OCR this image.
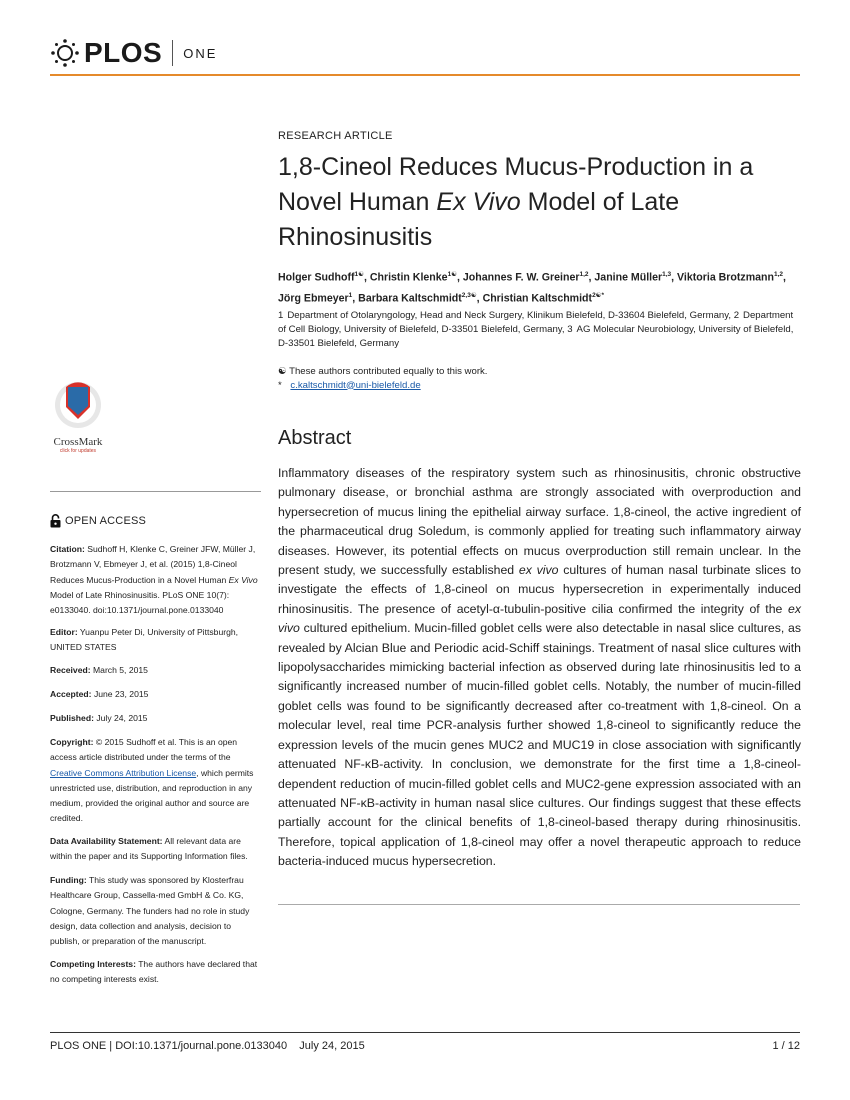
PLOS ONE
CrossMark
click for updates
OPEN ACCESS
Citation: Sudhoff H, Klenke C, Greiner JFW, Müller J, Brotzmann V, Ebmeyer J, et al. (2015) 1,8-Cineol Reduces Mucus-Production in a Novel Human Ex Vivo Model of Late Rhinosinusitis. PLoS ONE 10(7): e0133040. doi:10.1371/journal.pone.0133040
Editor: Yuanpu Peter Di, University of Pittsburgh, UNITED STATES
Received: March 5, 2015
Accepted: June 23, 2015
Published: July 24, 2015
Copyright: © 2015 Sudhoff et al. This is an open access article distributed under the terms of the Creative Commons Attribution License, which permits unrestricted use, distribution, and reproduction in any medium, provided the original author and source are credited.
Data Availability Statement: All relevant data are within the paper and its Supporting Information files.
Funding: This study was sponsored by Klosterfrau Healthcare Group, Cassella-med GmbH & Co. KG, Cologne, Germany. The funders had no role in study design, data collection and analysis, decision to publish, or preparation of the manuscript.
Competing Interests: The authors have declared that no competing interests exist.
RESEARCH ARTICLE
1,8-Cineol Reduces Mucus-Production in a Novel Human Ex Vivo Model of Late Rhinosinusitis
Holger Sudhoff$^{1☯}$, Christin Klenke$^{1☯}$, Johannes F. W. Greiner$^{1,2}$, Janine Müller$^{1,3}$, Viktoria Brotzmann$^{1,2}$, Jörg Ebmeyer$^1$, Barbara Kaltschmidt$^{2,3☯}$, Christian Kaltschmidt$^{2☯*}$
1 Department of Otolaryngology, Head and Neck Surgery, Klinikum Bielefeld, D-33604 Bielefeld, Germany, 2 Department of Cell Biology, University of Bielefeld, D-33501 Bielefeld, Germany, 3 AG Molecular Neurobiology, University of Bielefeld, D-33501 Bielefeld, Germany
☯ These authors contributed equally to this work.
* c.kaltschmidt@uni-bielefeld.de
Abstract
Inflammatory diseases of the respiratory system such as rhinosinusitis, chronic obstructive pulmonary disease, or bronchial asthma are strongly associated with overproduction and hypersecretion of mucus lining the epithelial airway surface. 1,8-cineol, the active ingredient of the pharmaceutical drug Soledum, is commonly applied for treating such inflammatory airway diseases. However, its potential effects on mucus overproduction still remain unclear. In the present study, we successfully established ex vivo cultures of human nasal turbinate slices to investigate the effects of 1,8-cineol on mucus hypersecretion in experimentally induced rhinosinusitis. The presence of acetyl-α-tubulin-positive cilia confirmed the integrity of the ex vivo cultured epithelium. Mucin-filled goblet cells were also detectable in nasal slice cultures, as revealed by Alcian Blue and Periodic acid-Schiff stainings. Treatment of nasal slice cultures with lipopolysaccharides mimicking bacterial infection as observed during late rhinosinusitis led to a significantly increased number of mucin-filled goblet cells. Notably, the number of mucin-filled goblet cells was found to be significantly decreased after co-treatment with 1,8-cineol. On a molecular level, real time PCR-analysis further showed 1,8-cineol to significantly reduce the expression levels of the mucin genes MUC2 and MUC19 in close association with significantly attenuated NF-κB-activity. In conclusion, we demonstrate for the first time a 1,8-cineol-dependent reduction of mucin-filled goblet cells and MUC2-gene expression associated with an attenuated NF-κB-activity in human nasal slice cultures. Our findings suggest that these effects partially account for the clinical benefits of 1,8-cineol-based therapy during rhinosinusitis. Therefore, topical application of 1,8-cineol may offer a novel therapeutic approach to reduce bacteria-induced mucus hypersecretion.
PLOS ONE | DOI:10.1371/journal.pone.0133040    July 24, 2015	1 / 12
